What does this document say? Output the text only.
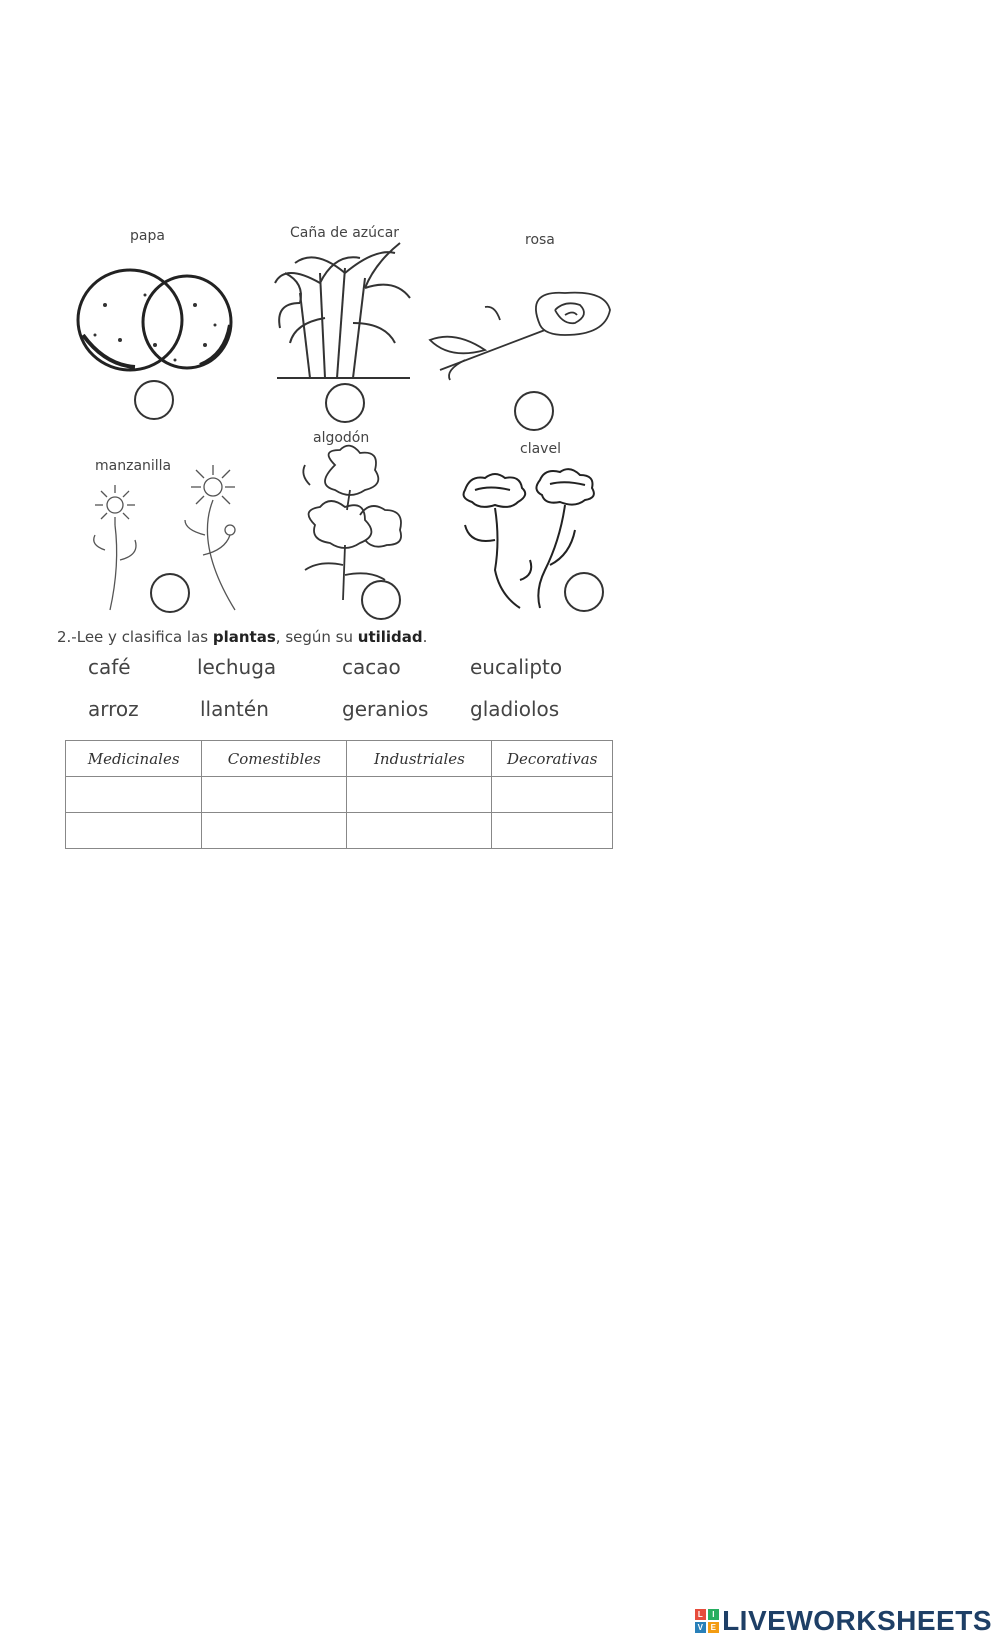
papa	Caña de azúcar	rosa
manzanilla
algodón
clavel
2.-Lee y clasifica las plantas, según su utilidad.
café	lechuga	cacao	eucalipto
arroz	llantén	geranios gladiolos
Medicinales	Comestibles	Industriales	Decorativas

L	I
V E LIVEWORKSHEETS
